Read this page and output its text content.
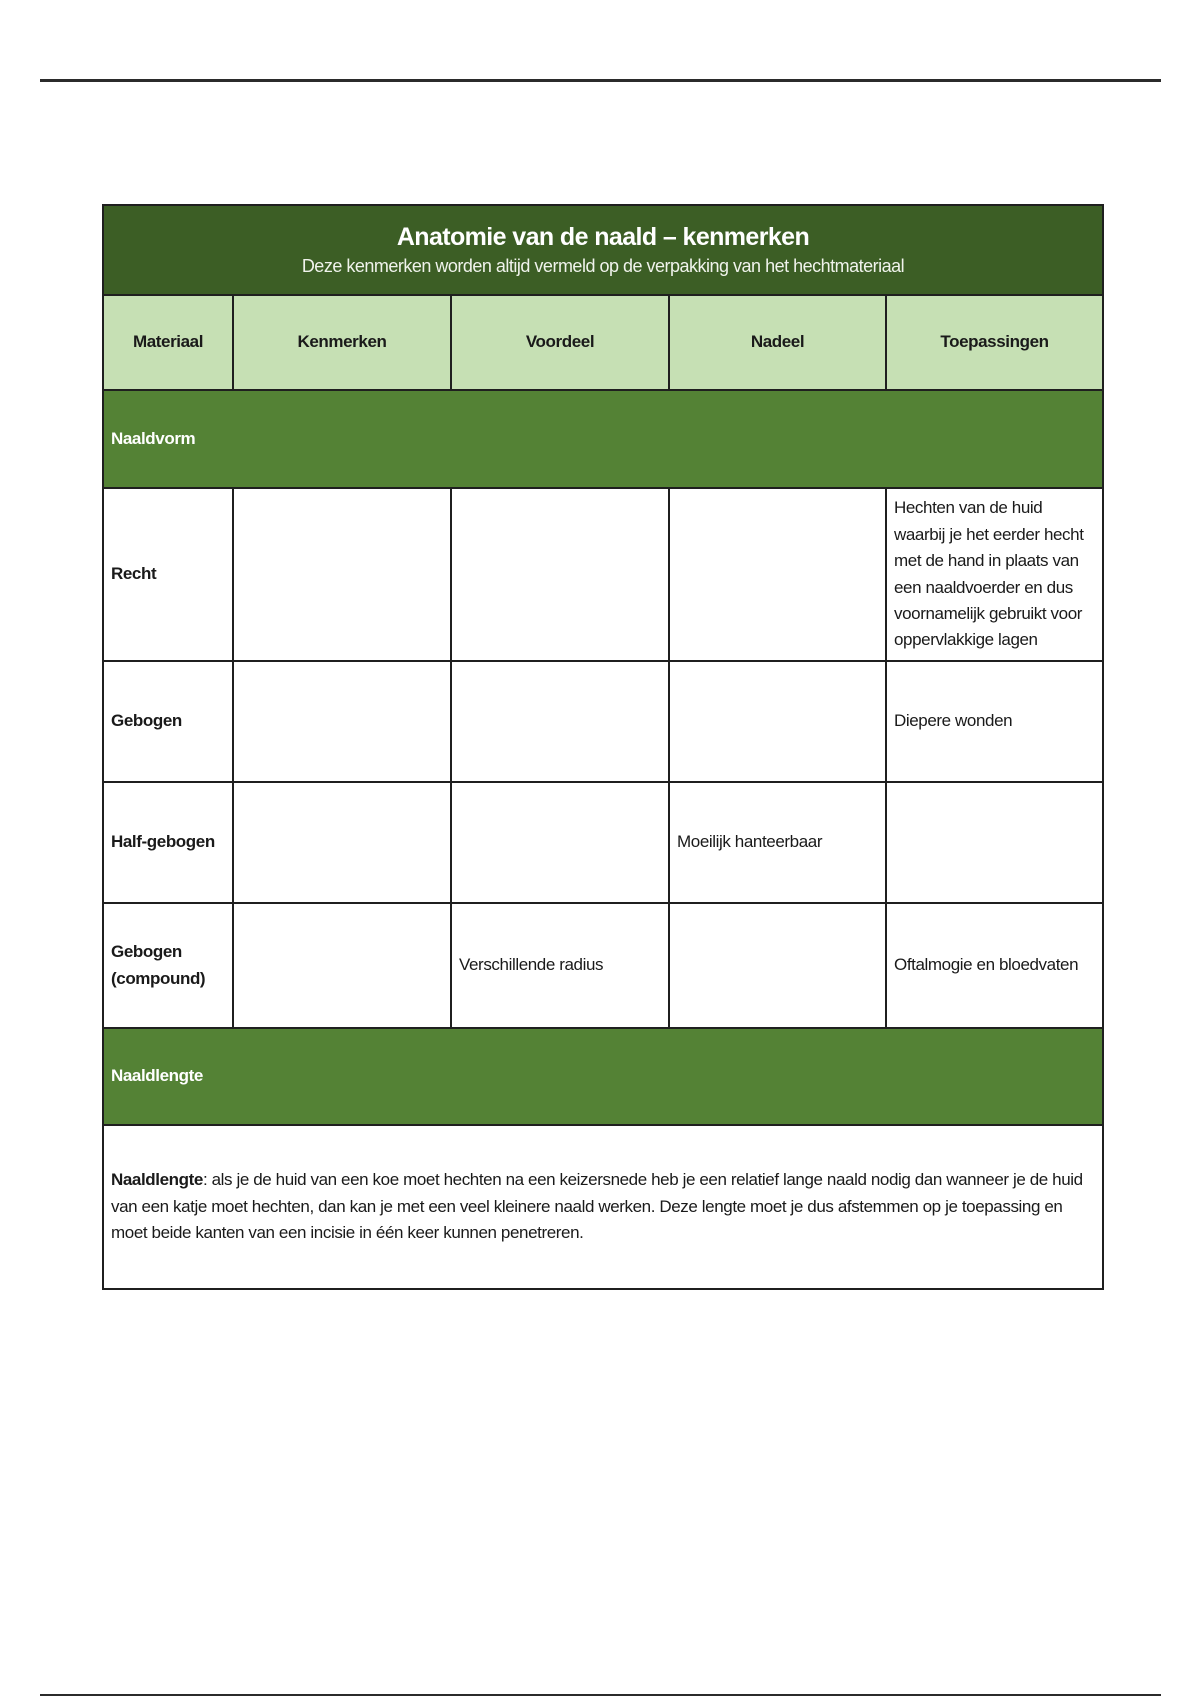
Anatomie van de naald – kenmerken
Deze kenmerken worden altijd vermeld op de verpakking van het hechtmateriaal				

Materiaal	Kenmerken	Voordeel	Nadeel	Toepassingen
Naaldvorm				
Recht				Hechten van de huid waarbij je het eerder hecht met de hand in plaats van een naaldvoerder en dus voornamelijk gebruikt voor oppervlakkige lagen
Gebogen				Diepere wonden
Half-gebogen			Moeilijk hanteerbaar	
Gebogen (compound)		Verschillende radius		Oftalmogie en bloedvaten
Naaldlengte				
Naaldlengte: als je de huid van een koe moet hechten na een keizersnede heb je een relatief lange naald nodig dan wanneer je de huid van een katje moet hechten, dan kan je met een veel kleinere naald werken. Deze lengte moet je dus afstemmen op je toepassing en moet beide kanten van een incisie in één keer kunnen penetreren.				
